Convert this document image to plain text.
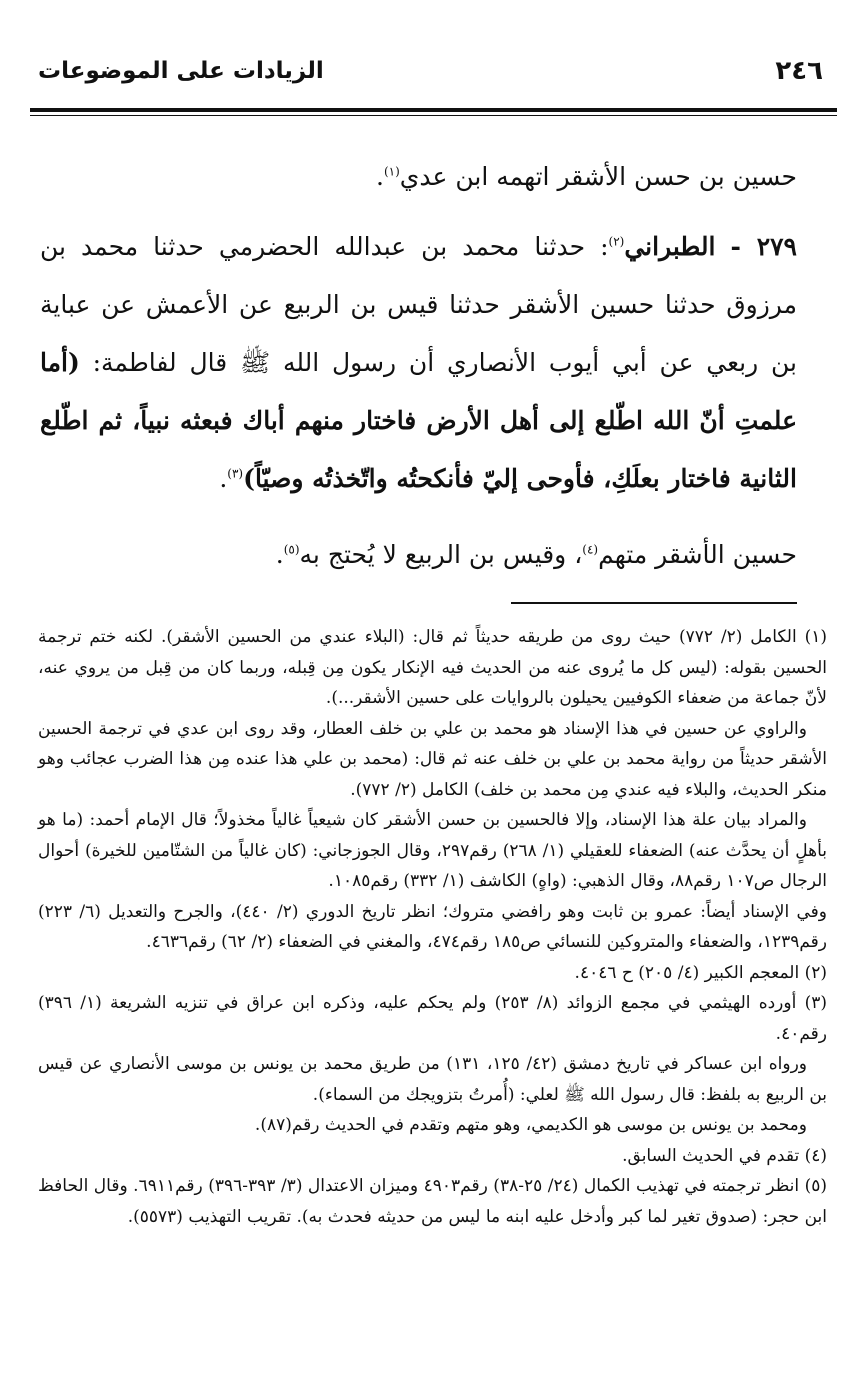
٢٤٦
الزيادات على الموضوعات

حسين بن حسن الأشقر اتهمه ابن عدي$^{(١)}$.

٢٧٩ - الطبراني$^{(٢)}$: حدثنا محمد بن عبدالله الحضرمي حدثنا محمد بن مرزوق حدثنا حسين الأشقر حدثنا قيس بن الربيع عن الأعمش عن عباية بن ربعي عن أبي أيوب الأنصاري أن رسول الله ﷺ قال لفاطمة: (أما علمتِ أنّ الله اطّلع إلى أهل الأرض فاختار منهم أباك فبعثه نبياً، ثم اطّلع الثانية فاختار بعلَكِ، فأوحى إليّ فأنكحتُه واتّخذتُه وصيّاً)$^{(٣)}$.

حسين الأشقر متهم$^{(٤)}$، وقيس بن الربيع لا يُحتج به$^{(٥)}$.

(١) الكامل (٢/ ٧٧٢) حيث روى من طريقه حديثاً ثم قال: (البلاء عندي من الحسين الأشقر). لكنه ختم ترجمة الحسين بقوله: (ليس كل ما يُروى عنه من الحديث فيه الإنكار يكون مِن قِبله، وربما كان من قِبل من يروي عنه، لأنّ جماعة من ضعفاء الكوفيين يحيلون بالروايات على حسين الأشقر...).

والراوي عن حسين في هذا الإسناد هو محمد بن علي بن خلف العطار، وقد روى ابن عدي في ترجمة الحسين الأشقر حديثاً من رواية محمد بن علي بن خلف عنه ثم قال: (محمد بن علي هذا عنده مِن هذا الضرب عجائب وهو منكر الحديث، والبلاء فيه عندي مِن محمد بن خلف) الكامل (٢/ ٧٧٢).

والمراد بيان علة هذا الإسناد، وإلا فالحسين بن حسن الأشقر كان شيعياً غالياً مخذولاً؛ قال الإمام أحمد: (ما هو بأهلٍ أن يحدَّث عنه) الضعفاء للعقيلي (١/ ٢٦٨) رقم٢٩٧، وقال الجوزجاني: (كان غالياً من الشتّامين للخيرة) أحوال الرجال ص١٠٧ رقم٨٨، وقال الذهبي: (واهٍ) الكاشف (١/ ٣٣٢) رقم١٠٨٥.

وفي الإسناد أيضاً: عمرو بن ثابت وهو رافضي متروك؛ انظر تاريخ الدوري (٢/ ٤٤٠)، والجرح والتعديل (٦/ ٢٢٣) رقم١٢٣٩، والضعفاء والمتروكين للنسائي ص١٨٥ رقم٤٧٤، والمغني في الضعفاء (٢/ ٦٢) رقم٤٦٣٦.

(٢) المعجم الكبير (٤/ ٢٠٥) ح ٤٠٤٦.

(٣) أورده الهيثمي في مجمع الزوائد (٨/ ٢٥٣) ولم يحكم عليه، وذكره ابن عراق في تنزيه الشريعة (١/ ٣٩٦) رقم٤٠.

ورواه ابن عساكر في تاريخ دمشق (٤٢/ ١٢٥، ١٣١) من طريق محمد بن يونس بن موسى الأنصاري عن قيس بن الربيع به بلفظ: قال رسول الله ﷺ لعلي: (أُمرتُ بتزويجك من السماء).

ومحمد بن يونس بن موسى هو الكديمي، وهو متهم وتقدم في الحديث رقم(٨٧).

(٤) تقدم في الحديث السابق.

(٥) انظر ترجمته في تهذيب الكمال (٢٤/ ٢٥-٣٨) رقم٤٩٠٣ وميزان الاعتدال (٣/ ٣٩٣-٣٩٦) رقم٦٩١١. وقال الحافظ ابن حجر: (صدوق تغير لما كبر وأدخل عليه ابنه ما ليس من حديثه فحدث به). تقريب التهذيب (٥٥٧٣).
